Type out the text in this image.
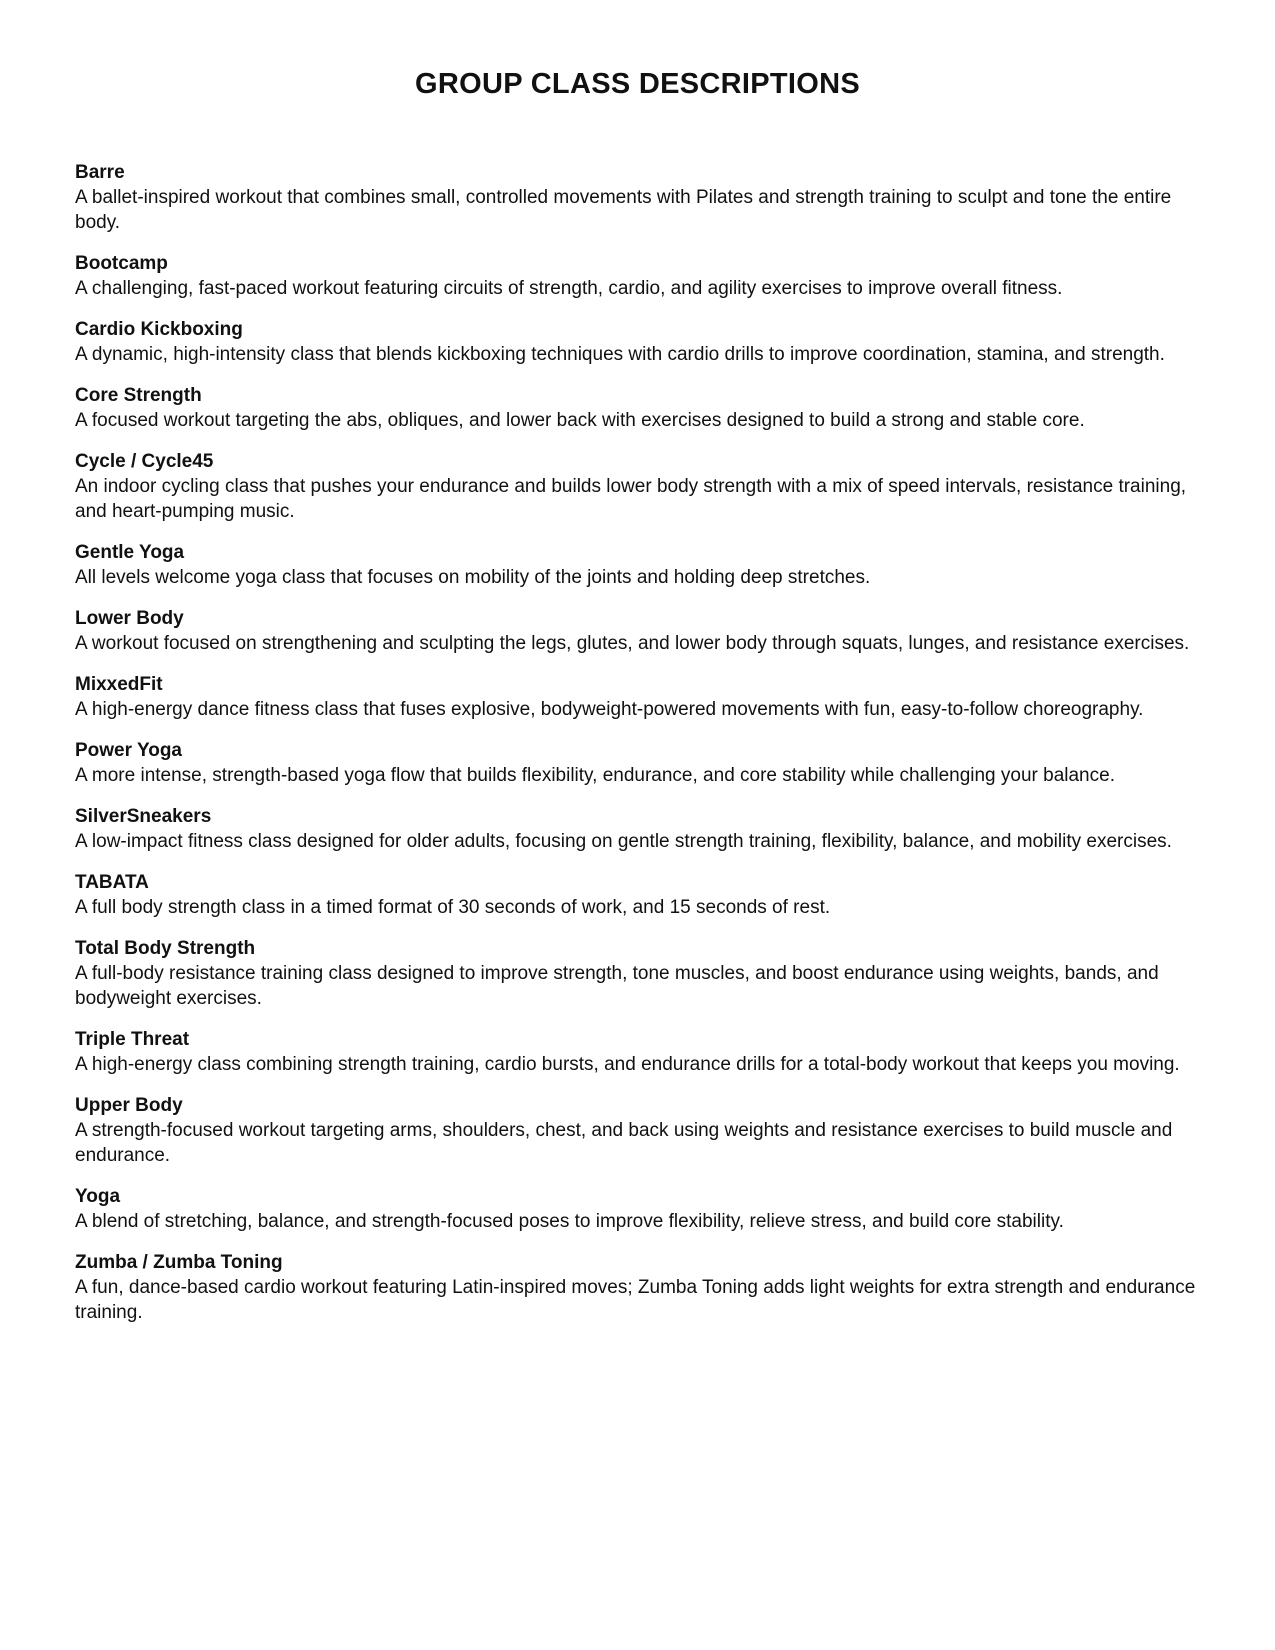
GROUP CLASS DESCRIPTIONS

Barre

A ballet-inspired workout that combines small, controlled movements with Pilates and strength training to sculpt and tone the entire body.

Bootcamp

A challenging, fast-paced workout featuring circuits of strength, cardio, and agility exercises to improve overall fitness.

Cardio Kickboxing

A dynamic, high-intensity class that blends kickboxing techniques with cardio drills to improve coordination, stamina, and strength.

Core Strength

A focused workout targeting the abs, obliques, and lower back with exercises designed to build a strong and stable core.

Cycle / Cycle45

An indoor cycling class that pushes your endurance and builds lower body strength with a mix of speed intervals, resistance training, and heart-pumping music.

Gentle Yoga

All levels welcome yoga class that focuses on mobility of the joints and holding deep stretches.

Lower Body

A workout focused on strengthening and sculpting the legs, glutes, and lower body through squats, lunges, and resistance exercises.

MixxedFit

A high-energy dance fitness class that fuses explosive, bodyweight-powered movements with fun, easy-to-follow choreography.

Power Yoga

A more intense, strength-based yoga flow that builds flexibility, endurance, and core stability while challenging your balance.

SilverSneakers

A low-impact fitness class designed for older adults, focusing on gentle strength training, flexibility, balance, and mobility exercises.

TABATA

A full body strength class in a timed format of 30 seconds of work, and 15 seconds of rest.

Total Body Strength

A full-body resistance training class designed to improve strength, tone muscles, and boost endurance using weights, bands, and bodyweight exercises.

Triple Threat

A high-energy class combining strength training, cardio bursts, and endurance drills for a total-body workout that keeps you moving.

Upper Body

A strength-focused workout targeting arms, shoulders, chest, and back using weights and resistance exercises to build muscle and endurance.

Yoga

A blend of stretching, balance, and strength-focused poses to improve flexibility, relieve stress, and build core stability.

Zumba / Zumba Toning

A fun, dance-based cardio workout featuring Latin-inspired moves; Zumba Toning adds light weights for extra strength and endurance training.
